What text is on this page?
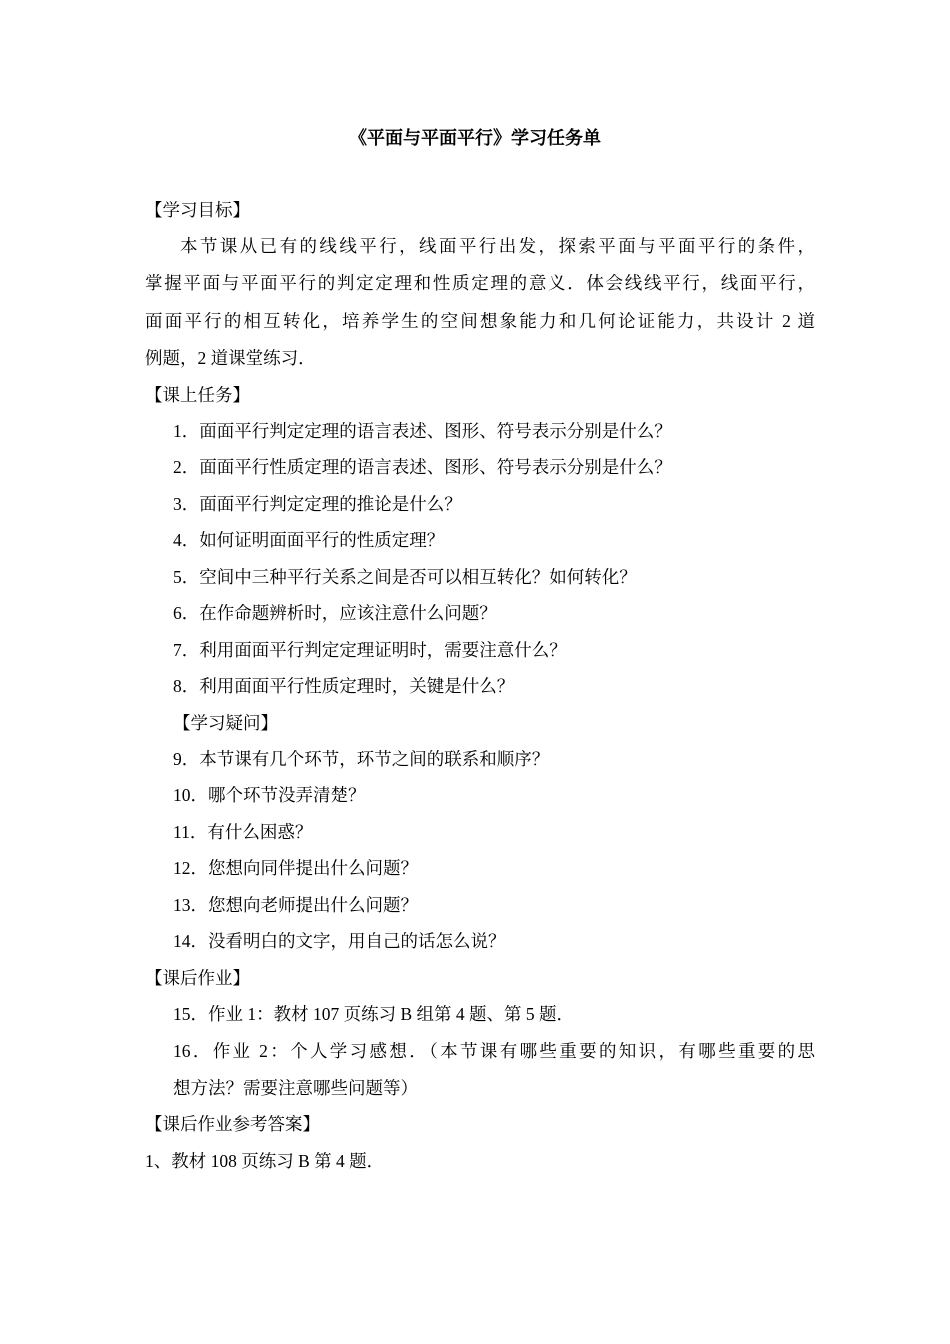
《平面与平面平行》学习任务单
【学习目标】
本节课从已有的线线平行，线面平行出发，探索平面与平面平行的条件，
掌握平面与平面平行的判定定理和性质定理的意义．体会线线平行，线面平行，
面面平行的相互转化，培养学生的空间想象能力和几何论证能力，共设计 2 道
例题，2 道课堂练习．
【课上任务】
1．面面平行判定定理的语言表述、图形、符号表示分别是什么？
2．面面平行性质定理的语言表述、图形、符号表示分别是什么？
3．面面平行判定定理的推论是什么？
4．如何证明面面平行的性质定理？
5．空间中三种平行关系之间是否可以相互转化？如何转化？
6．在作命题辨析时，应该注意什么问题？
7．利用面面平行判定定理证明时，需要注意什么？
8．利用面面平行性质定理时，关键是什么？
【学习疑问】
9．本节课有几个环节，环节之间的联系和顺序？
10．哪个环节没弄清楚？
11．有什么困惑？
12．您想向同伴提出什么问题？
13．您想向老师提出什么问题？
14．没看明白的文字，用自己的话怎么说？
【课后作业】
15．作业 1：教材 107 页练习 B 组第 4 题、第 5 题．
16．作业 2：个人学习感想．（本节课有哪些重要的知识，有哪些重要的思
想方法？需要注意哪些问题等）
【课后作业参考答案】
1、教材 108 页练习 B 第 4 题．
